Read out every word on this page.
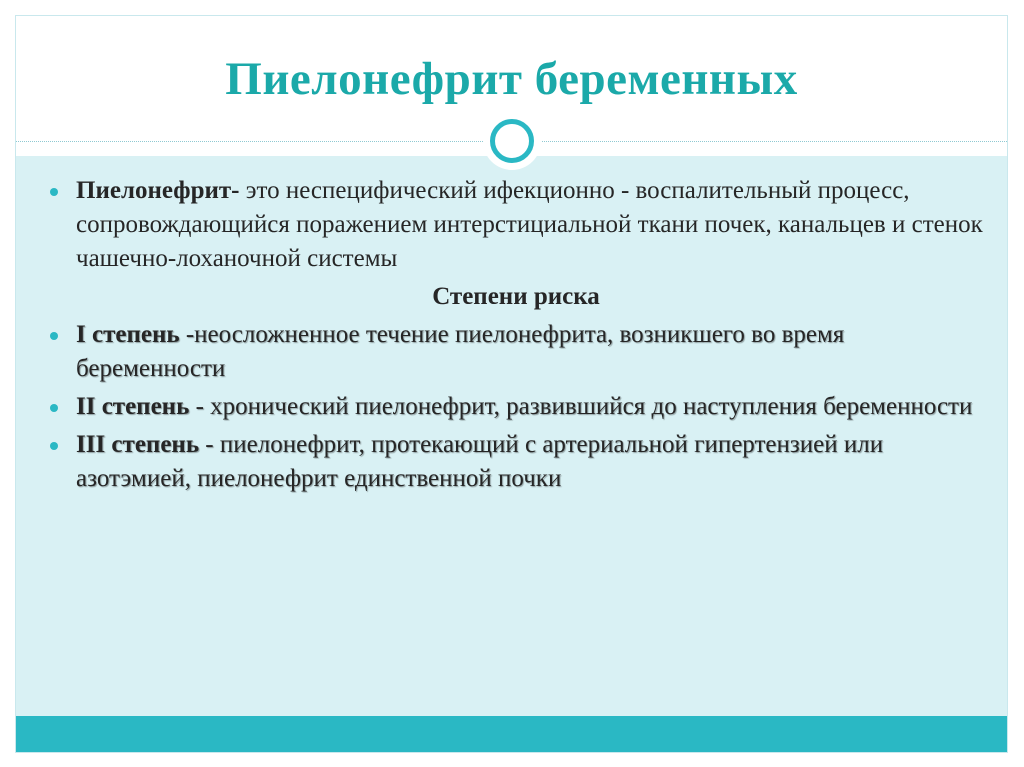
Пиелонефрит беременных
Пиелонефрит- это неспецифический ифекционно - воспалительный процесс, сопровождающийся поражением интерстициальной ткани почек, канальцев и стенок чашечно-лоханочной системы
Степени риска
I степень -неосложненное течение пиелонефрита, возникшего во время беременности
II степень - хронический пиелонефрит, развившийся до наступления беременности
III степень - пиелонефрит, протекающий с артериальной гипертензией или азотэмией, пиелонефрит единственной почки
